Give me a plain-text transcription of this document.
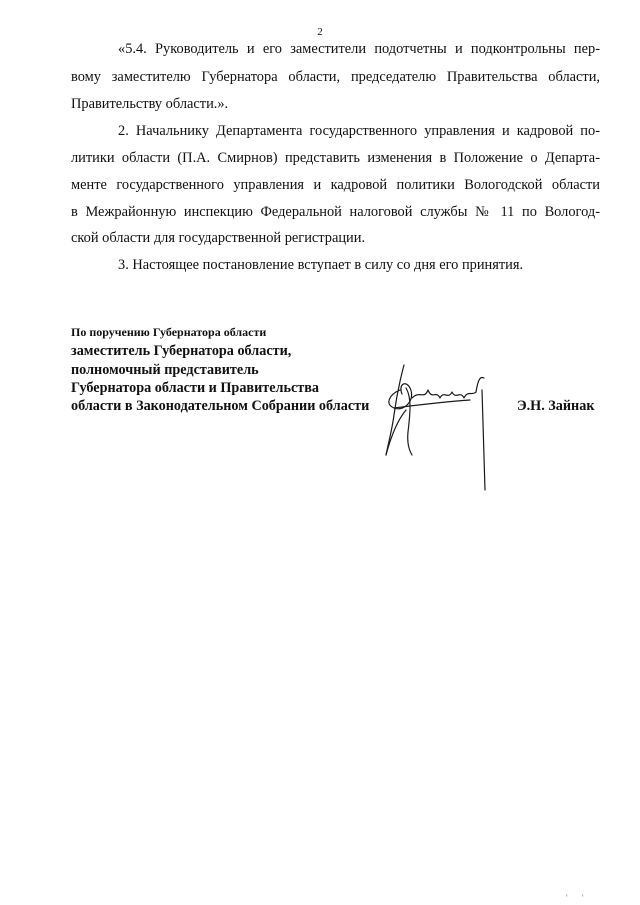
2
«5.4. Руководитель и его заместители подотчетны и подконтрольны пер-
вому заместителю Губернатора области, председателю Правительства области,
Правительству области.».
2. Начальнику Департамента государственного управления и кадровой по-
литики области (П.А. Смирнов) представить изменения в Положение о Департа-
менте государственного управления и кадровой политики Вологодской области
в Межрайонную инспекцию Федеральной налоговой службы № 11 по Вологод-
ской области для государственной регистрации.
3. Настоящее постановление вступает в силу со дня его принятия.
По поручению Губернатора области
заместитель Губернатора области,
полномочный представитель
Губернатора области и Правительства
области в Законодательном Собрании области	Э.Н. Зайнак
' '
